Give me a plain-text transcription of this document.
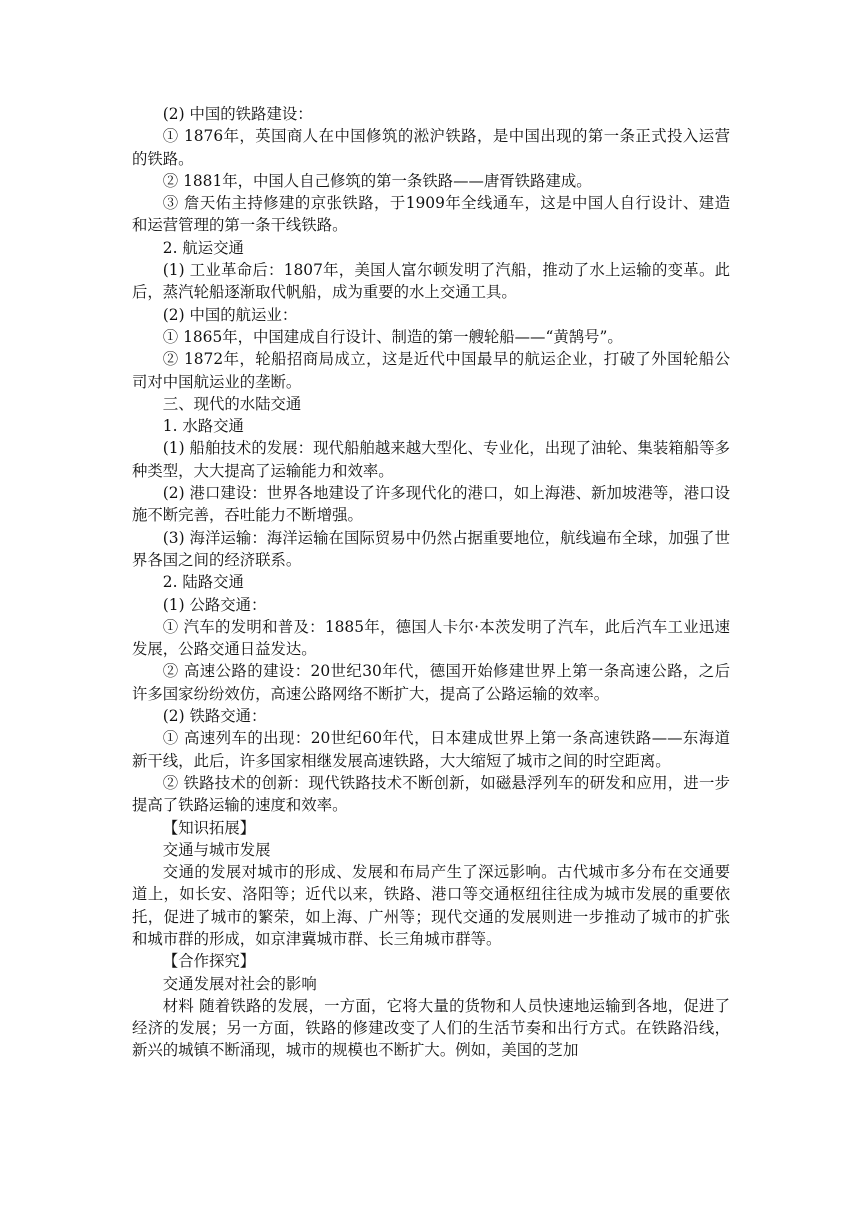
(2) 中国的铁路建设：

① 1876年，英国商人在中国修筑的淞沪铁路，是中国出现的第一条正式投入运营的铁路。

② 1881年，中国人自己修筑的第一条铁路——唐胥铁路建成。

③ 詹天佑主持修建的京张铁路，于1909年全线通车，这是中国人自行设计、建造和运营管理的第一条干线铁路。

2. 航运交通

(1) 工业革命后：1807年，美国人富尔顿发明了汽船，推动了水上运输的变革。此后，蒸汽轮船逐渐取代帆船，成为重要的水上交通工具。

(2) 中国的航运业：

① 1865年，中国建成自行设计、制造的第一艘轮船——“黄鹄号”。

② 1872年，轮船招商局成立，这是近代中国最早的航运企业，打破了外国轮船公司对中国航运业的垄断。

三、现代的水陆交通

1. 水路交通

(1) 船舶技术的发展：现代船舶越来越大型化、专业化，出现了油轮、集装箱船等多种类型，大大提高了运输能力和效率。

(2) 港口建设：世界各地建设了许多现代化的港口，如上海港、新加坡港等，港口设施不断完善，吞吐能力不断增强。

(3) 海洋运输：海洋运输在国际贸易中仍然占据重要地位，航线遍布全球，加强了世界各国之间的经济联系。

2. 陆路交通

(1) 公路交通：

① 汽车的发明和普及：1885年，德国人卡尔·本茨发明了汽车，此后汽车工业迅速发展，公路交通日益发达。

② 高速公路的建设：20世纪30年代，德国开始修建世界上第一条高速公路，之后许多国家纷纷效仿，高速公路网络不断扩大，提高了公路运输的效率。

(2) 铁路交通：

① 高速列车的出现：20世纪60年代，日本建成世界上第一条高速铁路——东海道新干线，此后，许多国家相继发展高速铁路，大大缩短了城市之间的时空距离。

② 铁路技术的创新：现代铁路技术不断创新，如磁悬浮列车的研发和应用，进一步提高了铁路运输的速度和效率。

【知识拓展】

交通与城市发展

交通的发展对城市的形成、发展和布局产生了深远影响。古代城市多分布在交通要道上，如长安、洛阳等；近代以来，铁路、港口等交通枢纽往往成为城市发展的重要依托，促进了城市的繁荣，如上海、广州等；现代交通的发展则进一步推动了城市的扩张和城市群的形成，如京津冀城市群、长三角城市群等。

【合作探究】

交通发展对社会的影响

材料 随着铁路的发展，一方面，它将大量的货物和人员快速地运输到各地，促进了经济的发展；另一方面，铁路的修建改变了人们的生活节奏和出行方式。在铁路沿线，新兴的城镇不断涌现，城市的规模也不断扩大。例如，美国的芝加
